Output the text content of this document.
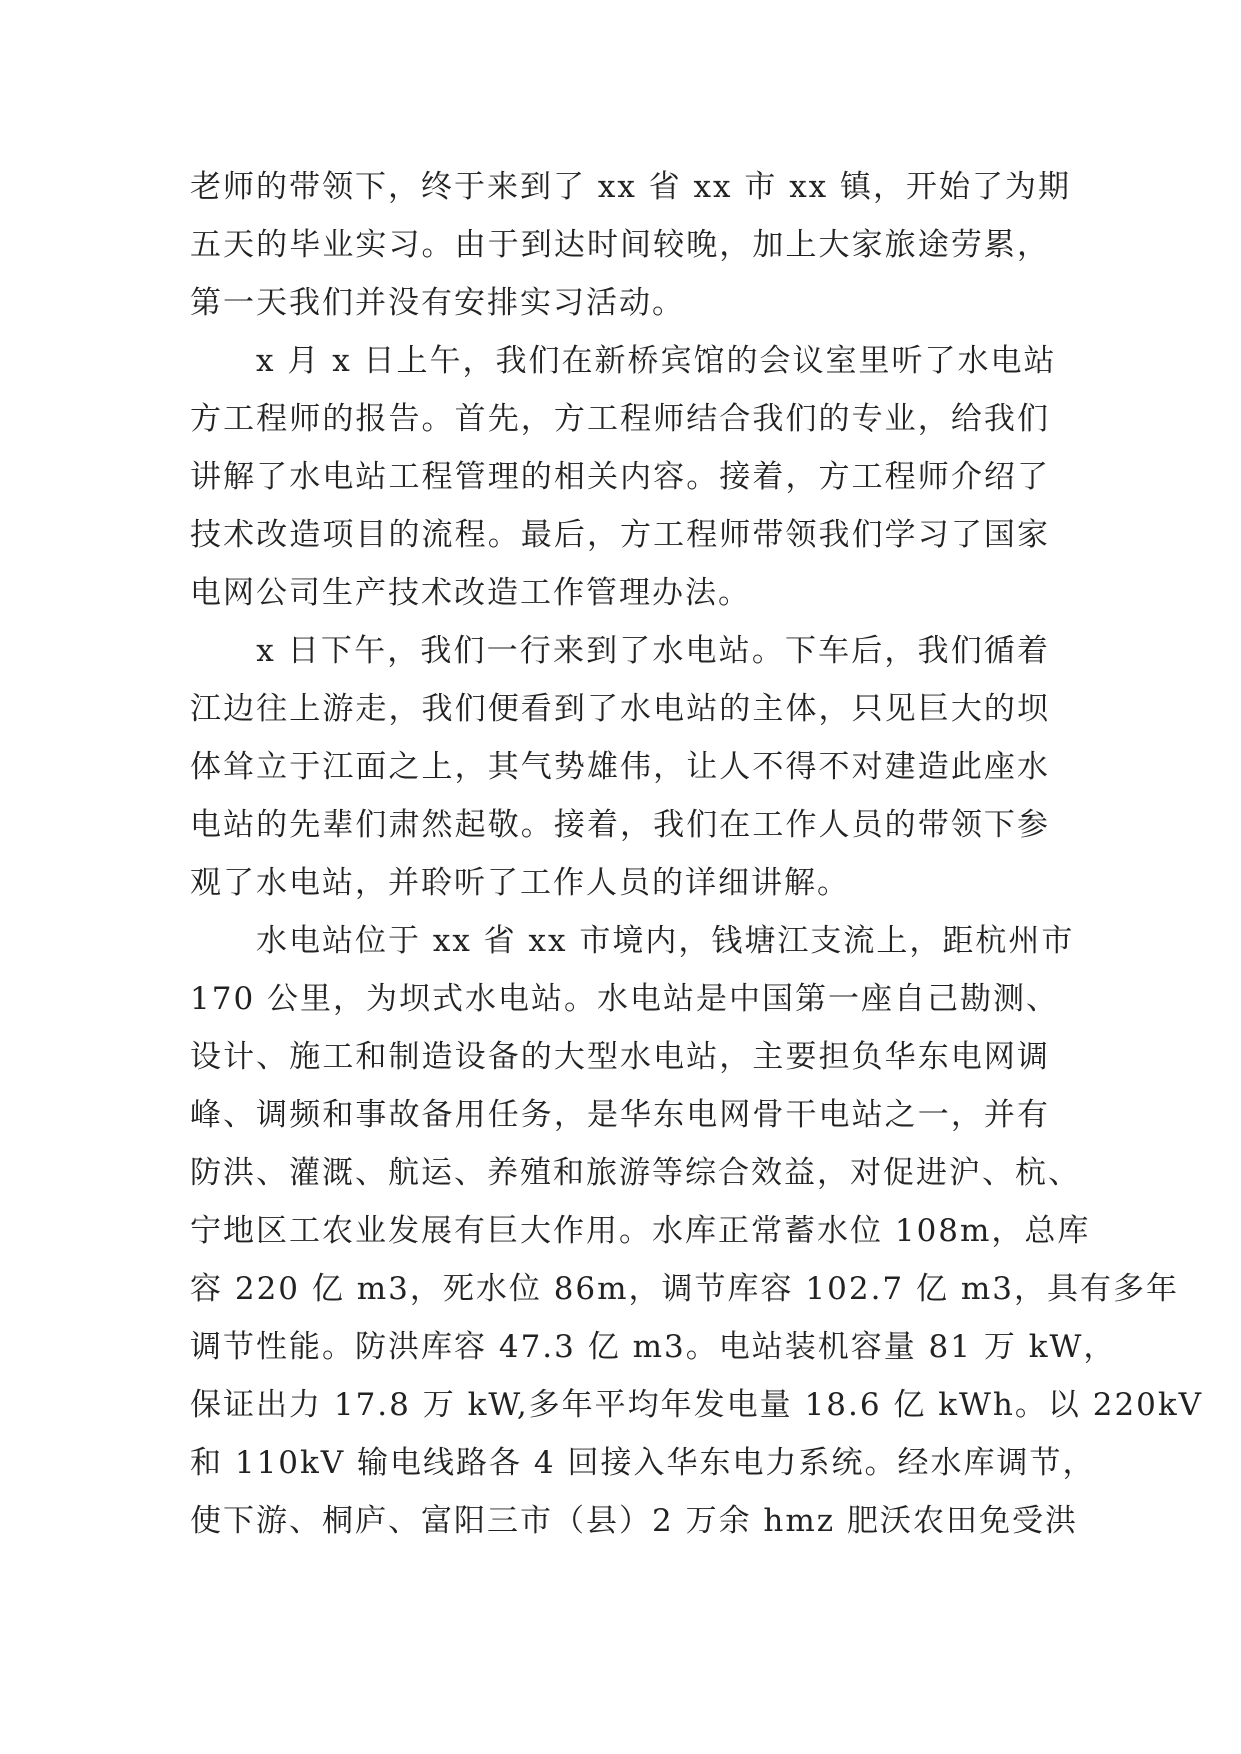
老师的带领下，终于来到了 xx 省 xx 市 xx 镇，开始了为期
五天的毕业实习。由于到达时间较晚，加上大家旅途劳累，
第一天我们并没有安排实习活动。
　　x 月 x 日上午，我们在新桥宾馆的会议室里听了水电站
方工程师的报告。首先，方工程师结合我们的专业，给我们
讲解了水电站工程管理的相关内容。接着，方工程师介绍了
技术改造项目的流程。最后，方工程师带领我们学习了国家
电网公司生产技术改造工作管理办法。
　　x 日下午，我们一行来到了水电站。下车后，我们循着
江边往上游走，我们便看到了水电站的主体，只见巨大的坝
体耸立于江面之上，其气势雄伟，让人不得不对建造此座水
电站的先辈们肃然起敬。接着，我们在工作人员的带领下参
观了水电站，并聆听了工作人员的详细讲解。
　　水电站位于 xx 省 xx 市境内，钱塘江支流上，距杭州市
170 公里，为坝式水电站。水电站是中国第一座自己勘测、
设计、施工和制造设备的大型水电站，主要担负华东电网调
峰、调频和事故备用任务，是华东电网骨干电站之一，并有
防洪、灌溉、航运、养殖和旅游等综合效益，对促进沪、杭、
宁地区工农业发展有巨大作用。水库正常蓄水位 108m，总库
容 220 亿 m3，死水位 86m，调节库容 102.7 亿 m3，具有多年
调节性能。防洪库容 47.3 亿 m3。电站装机容量 81 万 kW，
保证出力 17.8 万 kW,多年平均年发电量 18.6 亿 kWh。以 220kV
和 110kV 输电线路各 4 回接入华东电力系统。经水库调节，
使下游、桐庐、富阳三市（县）2 万余 hmz 肥沃农田免受洪
